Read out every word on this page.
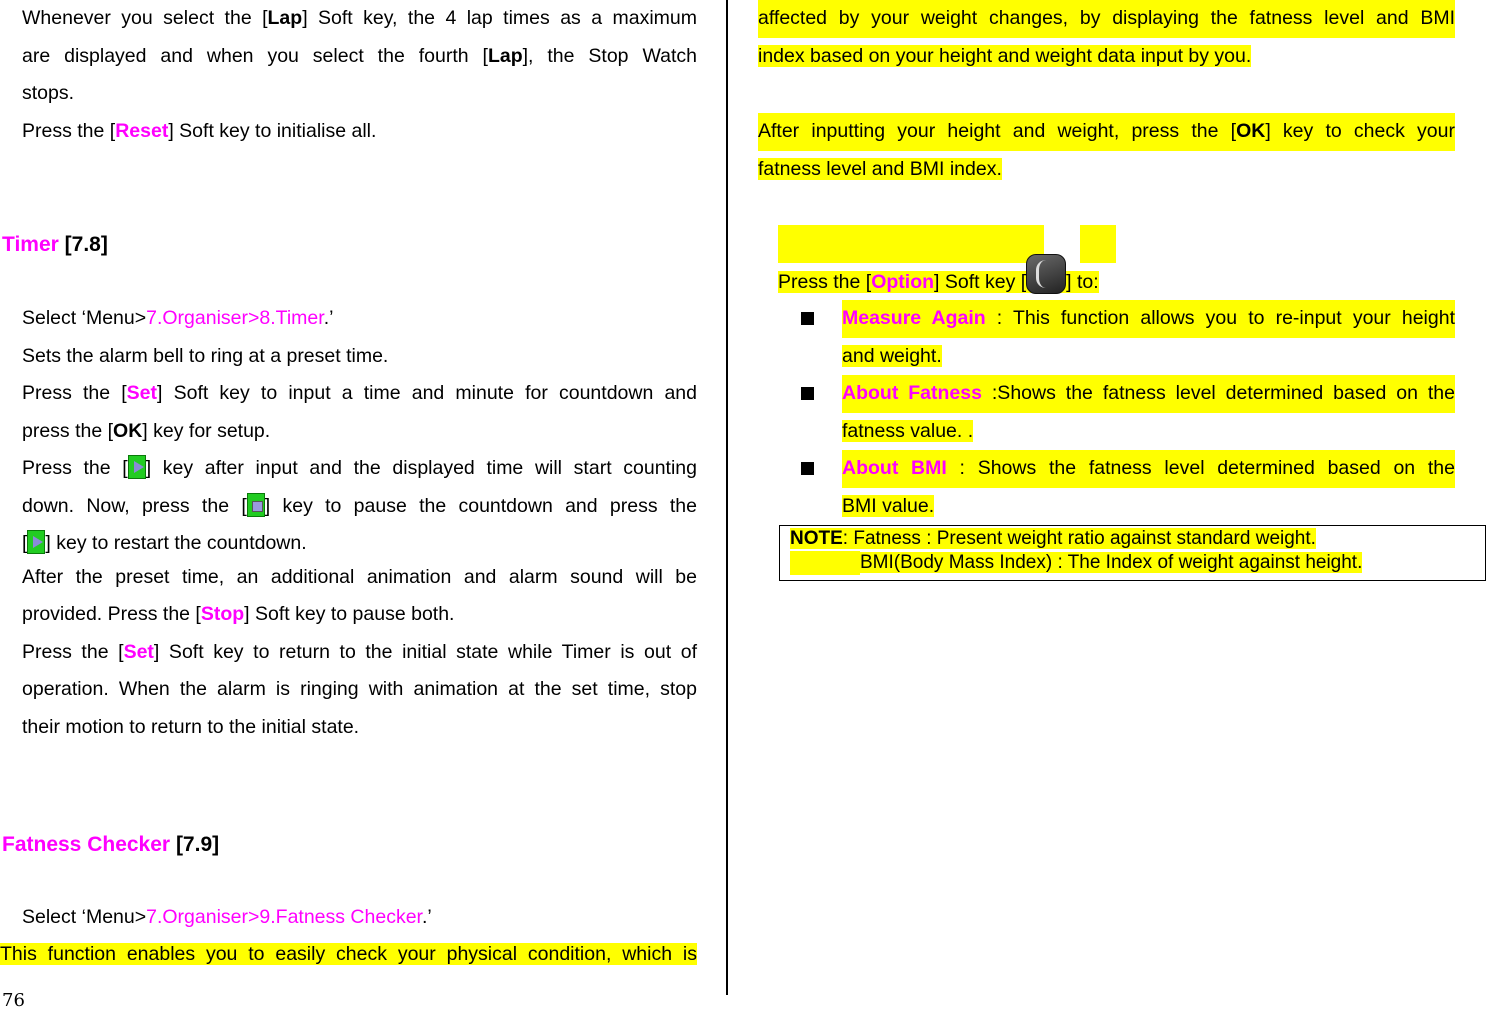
Whenever you select the [Lap] Soft key, the 4 lap times as a maximum
are displayed and when you select the fourth [Lap], the Stop Watch
stops.
Press the [Reset] Soft key to initialise all.
Timer [7.8]
Select ‘Menu>7.Organiser>8.Timer.’
Sets the alarm bell to ring at a preset time.
Press the [Set] Soft key to input a time and minute for countdown and
press the [OK] key for setup.
Press the [ ] key after input and the displayed time will start counting
down. Now, press the [ ] key to pause the countdown and press the
[ ] key to restart the countdown.
After the preset time, an additional animation and alarm sound will be
provided. Press the [Stop] Soft key to pause both.
Press the [Set] Soft key to return to the initial state while Timer is out of
operation. When the alarm is ringing with animation at the set time, stop
their motion to return to the initial state.
Fatness Checker [7.9]
Select ‘Menu>7.Organiser>9.Fatness Checker.’
This function enables you to easily check your physical condition, which is
76
affected by your weight changes, by displaying the fatness level and BMI
index based on your height and weight data input by you.
After inputting your height and weight, press the [OK] key to check your
fatness level and BMI index.
Press the [Option] Soft key [ ] to:
Measure Again : This function allows you to re-input your height
and weight.
About Fatness :Shows the fatness level determined based on the
fatness value. .
About BMI : Shows the fatness level determined based on the
BMI value.
NOTE: Fatness : Present weight ratio against standard weight.
BMI(Body Mass Index) : The Index of weight against height.
